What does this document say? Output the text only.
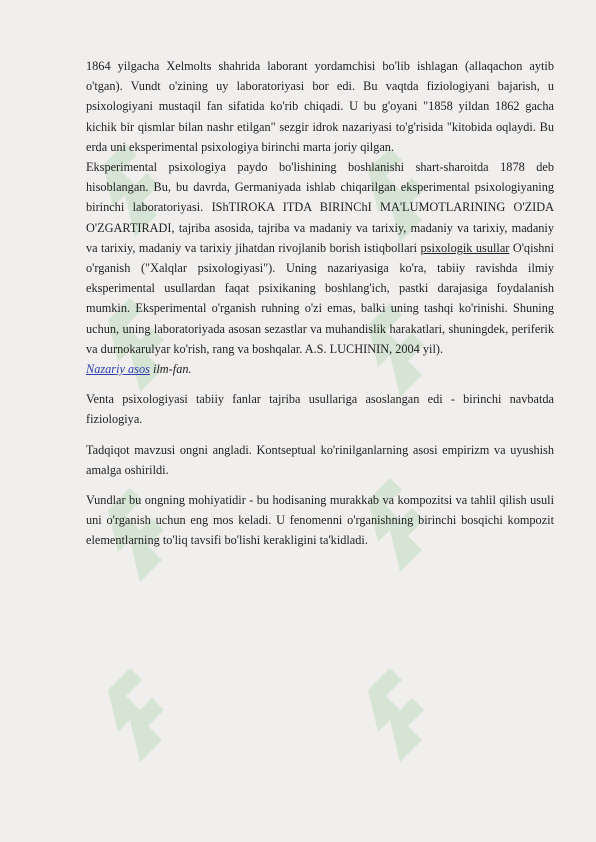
1864 yilgacha Xelmolts shahrida laborant yordamchisi bo'lib ishlagan (allaqachon aytib o'tgan). Vundt o'zining uy laboratoriyasi bor edi. Bu vaqtda fiziologiyani bajarish, u psixologiyani mustaqil fan sifatida ko'rib chiqadi. U bu g'oyani "1858 yildan 1862 gacha kichik bir qismlar bilan nashr etilgan" sezgir idrok nazariyasi to'g'risida "kitobida oqlaydi. Bu erda uni eksperimental psixologiya birinchi marta joriy qilgan.

Eksperimental psixologiya paydo bo'lishining boshlanishi shart-sharoitda 1878 deb hisoblangan. Bu, bu davrda, Germaniyada ishlab chiqarilgan eksperimental psixologiyaning birinchi laboratoriyasi. IShTIROKA ITDA BIRINChI MA'LUMOTLARINING O'ZIDA O'ZGARTIRADI, tajriba asosida, tajriba va madaniy va tarixiy, madaniy va tarixiy, madaniy va tarixiy, madaniy va tarixiy jihatdan rivojlanib borish istiqbollari psixologik usullar O'qishni o'rganish ("Xalqlar psixologiyasi"). Uning nazariyasiga ko'ra, tabiiy ravishda ilmiy eksperimental usullardan faqat psixikaning boshlang'ich, pastki darajasiga foydalanish mumkin. Eksperimental o'rganish ruhning o'zi emas, balki uning tashqi ko'rinishi. Shuning uchun, uning laboratoriyada asosan sezastlar va muhandislik harakatlari, shuningdek, periferik va durnokarulyar ko'rish, rang va boshqalar. A.S. LUCHININ, 2004 yil).

Nazariy asos ilm-fan.

Venta psixologiyasi tabiiy fanlar tajriba usullariga asoslangan edi - birinchi navbatda fiziologiya.

Tadqiqot mavzusi ongni angladi. Kontseptual ko'rinilganlarning asosi empirizm va uyushish amalga oshirildi.

Vundlar bu ongning mohiyatidir - bu hodisaning murakkab va kompozitsi va tahlil qilish usuli uni o'rganish uchun eng mos keladi. U fenomenni o'rganishning birinchi bosqichi kompozit elementlarning to'liq tavsifi bo'lishi kerakligini ta'kidladi.
